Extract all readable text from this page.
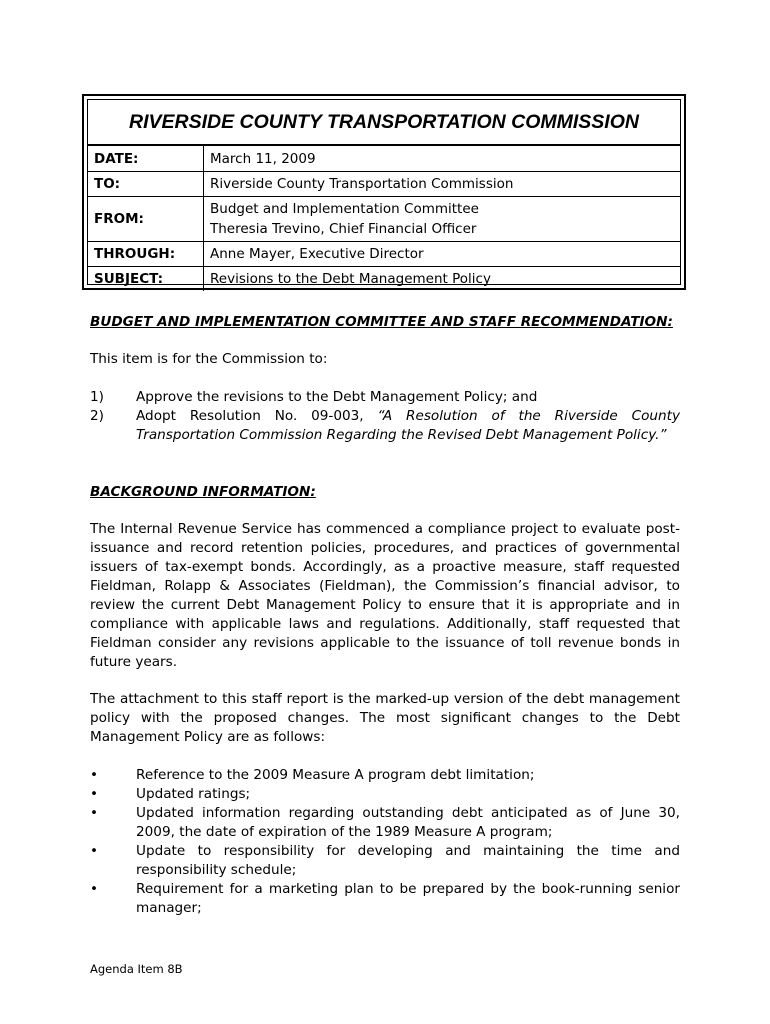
RIVERSIDE COUNTY TRANSPORTATION COMMISSION
DATE:	March 11, 2009
TO:	Riverside County Transportation Commission
FROM:	Budget and Implementation Committee
Theresia Trevino, Chief Financial Officer

THROUGH:	Anne Mayer, Executive Director
SUBJECT:	Revisions to the Debt Management Policy
BUDGET AND IMPLEMENTATION COMMITTEE AND STAFF RECOMMENDATION:
This item is for the Commission to:
1)	Approve the revisions to the Debt Management Policy; and
2)	Adopt Resolution No. 09-003, “A Resolution of the Riverside County Transportation Commission Regarding the Revised Debt Management Policy.”
BACKGROUND INFORMATION:
The Internal Revenue Service has commenced a compliance project to evaluate post-issuance and record retention policies, procedures, and practices of governmental issuers of tax-exempt bonds. Accordingly, as a proactive measure, staff requested Fieldman, Rolapp & Associates (Fieldman), the Commission’s financial advisor, to review the current Debt Management Policy to ensure that it is appropriate and in compliance with applicable laws and regulations. Additionally, staff requested that Fieldman consider any revisions applicable to the issuance of toll revenue bonds in future years.
The attachment to this staff report is the marked-up version of the debt management policy with the proposed changes. The most significant changes to the Debt Management Policy are as follows:
•	Reference to the 2009 Measure A program debt limitation;
•	Updated ratings;
•	Updated information regarding outstanding debt anticipated as of June 30, 2009, the date of expiration of the 1989 Measure A program;
•	Update to responsibility for developing and maintaining the time and responsibility schedule;
•	Requirement for a marketing plan to be prepared by the book-running senior manager;
Agenda Item 8B
